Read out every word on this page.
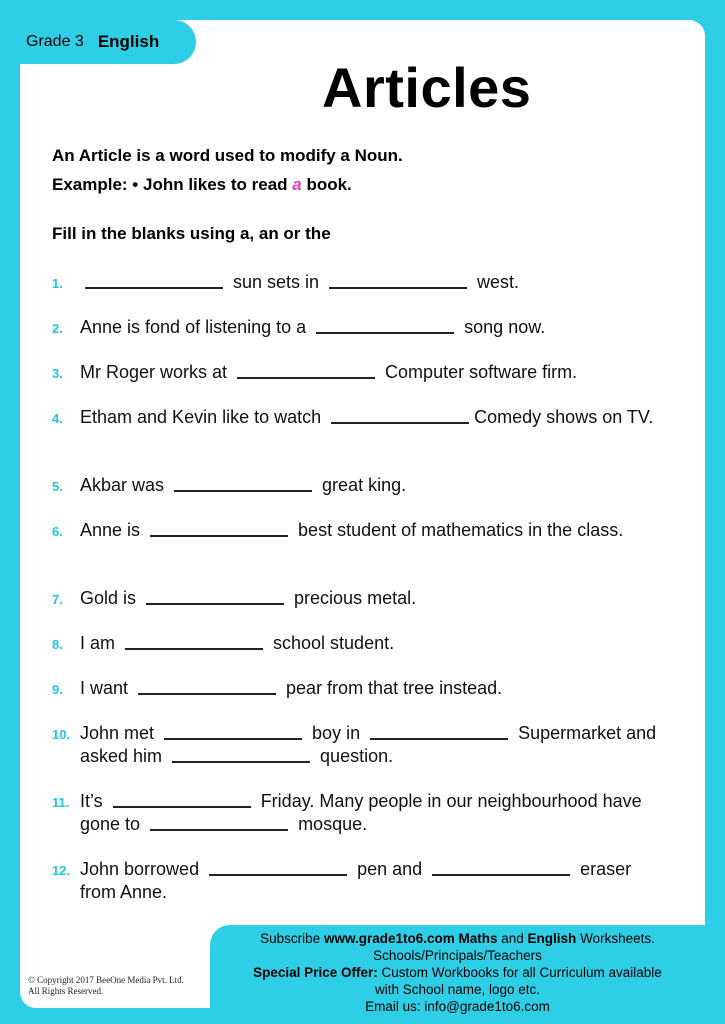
Grade 3 English
Articles
An Article is a word used to modify a Noun.
Example: • John likes to read a book.
Fill in the blanks using a, an or the
1.	sun sets in	west.
2. Anne is fond of listening to a	song now.
3. Mr Roger works at	Computer software firm.
4. Etham and Kevin like to watch	Comedy shows on TV.
5. Akbar was	great king.
6. Anne is	best student of mathematics in the class.
7. Gold is	precious metal.
8. I am	school student.
9. I want	pear from that tree instead.
10. John met	boy in	Supermarket and asked him	question.
11. It’s	Friday. Many people in our neighbourhood have gone to	mosque.
12. John borrowed	pen and	eraser from Anne.
Subscribe www.grade1to6.com Maths and English Worksheets.
Schools/Principals/Teachers
Special Price Offer: Custom Workbooks for all Curriculum available
with School name, logo etc.
Email us: info@grade1to6.com
© Copyright 2017 BeeOne Media Pvt. Ltd.
All Rights Reserved.
